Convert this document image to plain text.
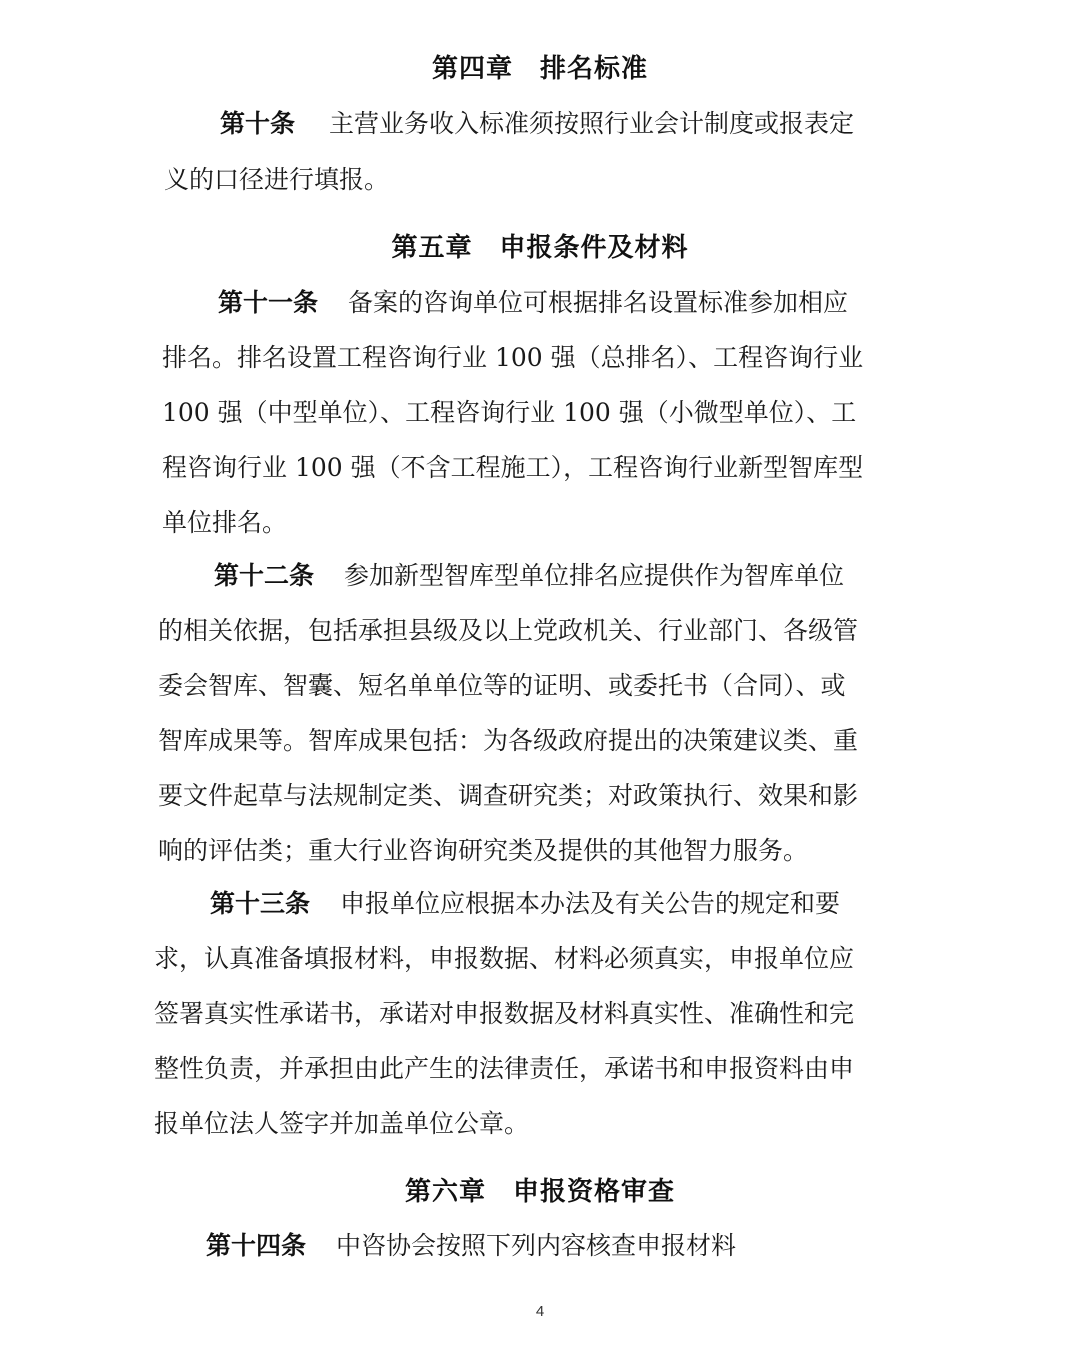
第四章　排名标准
第十条 主营业务收入标准须按照行业会计制度或报表定
义的口径进行填报。
第五章　申报条件及材料
第十一条 备案的咨询单位可根据排名设置标准参加相应
排名。排名设置工程咨询行业 100 强（总排名）、工程咨询行业
100 强（中型单位）、工程咨询行业 100 强（小微型单位）、工
程咨询行业 100 强（不含工程施工），工程咨询行业新型智库型
单位排名。
第十二条 参加新型智库型单位排名应提供作为智库单位
的相关依据，包括承担县级及以上党政机关、行业部门、各级管
委会智库、智囊、短名单单位等的证明、或委托书（合同）、或
智库成果等。智库成果包括：为各级政府提出的决策建议类、重
要文件起草与法规制定类、调查研究类；对政策执行、效果和影
响的评估类；重大行业咨询研究类及提供的其他智力服务。
第十三条 申报单位应根据本办法及有关公告的规定和要
求，认真准备填报材料，申报数据、材料必须真实，申报单位应
签署真实性承诺书，承诺对申报数据及材料真实性、准确性和完
整性负责，并承担由此产生的法律责任，承诺书和申报资料由申
报单位法人签字并加盖单位公章。
第六章　申报资格审查
第十四条 中咨协会按照下列内容核查申报材料
4
